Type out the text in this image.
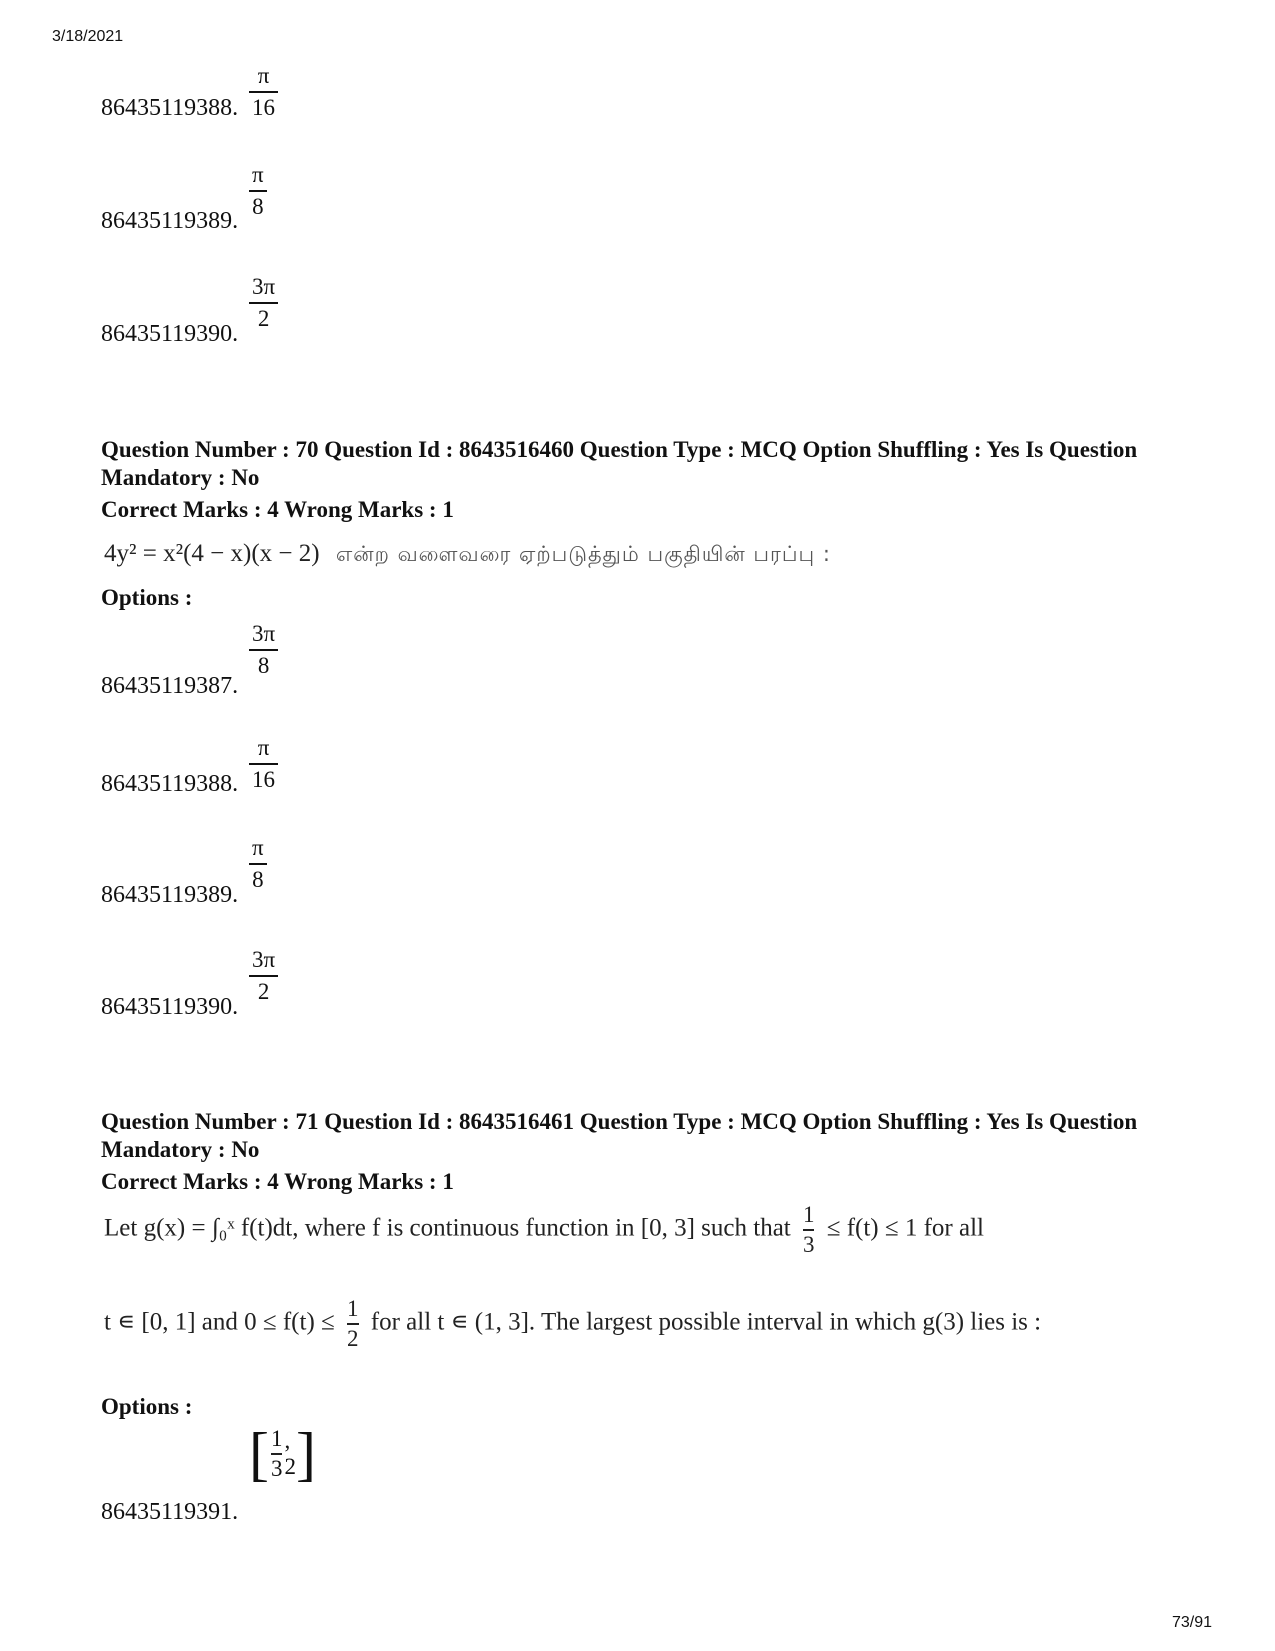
3/18/2021
86435119388.
π
16
86435119389.
π
8
86435119390.
3π
2
Question Number : 70 Question Id : 8643516460 Question Type : MCQ Option Shuffling : Yes Is Question Mandatory : No
Correct Marks : 4 Wrong Marks : 1
4y² = x²(4 − x)(x − 2) என்ற வளைவரை ஏற்படுத்தும் பகுதியின் பரப்பு :
Options :
86435119387.
3π
8
86435119388.
π
16
86435119389.
π
8
86435119390.
3π
2
Question Number : 71 Question Id : 8643516461 Question Type : MCQ Option Shuffling : Yes Is Question Mandatory : No
Correct Marks : 4 Wrong Marks : 1
Let g(x) = ∫₀ˣ f(t)dt, where f is continuous function in [0, 3] such that $\frac{1}{3} \le f(t) \le 1$ for all
t ∊ [0, 1] and $0 \le f(t) \le \frac{1}{2}$ for all t ∊ (1, 3]. The largest possible interval in which g(3) lies is :
Options :
86435119391.
[ 1
3
, 2 ]
73/91
